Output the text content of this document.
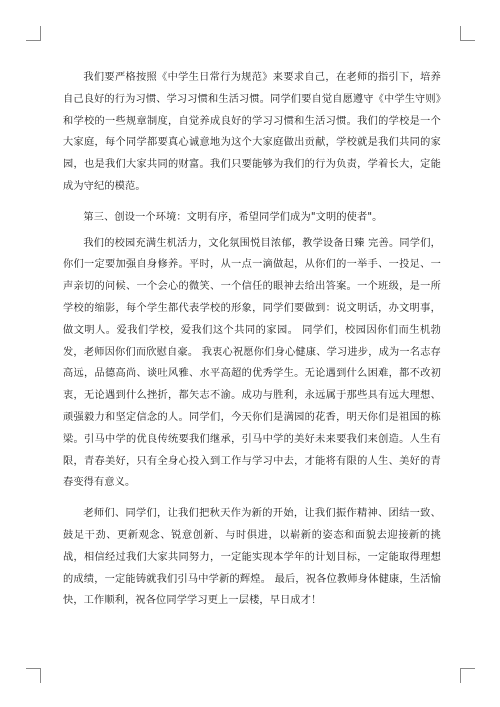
我们要严格按照《中学生日常行为规范》来要求自己，在老师的指引下，培养自己良好的行为习惯、学习习惯和生活习惯。同学们要自觉自愿遵守《中学生守则》和学校的一些规章制度，自觉养成良好的学习习惯和生活习惯。我们的学校是一个大家庭，每个同学都要真心诚意地为这个大家庭做出贡献，学校就是我们共同的家园，也是我们大家共同的财富。我们只要能够为我们的行为负责，学着长大，定能成为守纪的模范。

第三、创设一个环境：文明有序，希望同学们成为"文明的使者"。

我们的校园充满生机活力，文化氛围悦目浓郁，教学设备日臻 完善。同学们，你们一定要加强自身修养。平时，从一点一滴做起，从你们的一举手、一投足、一声亲切的问候、一个会心的微笑、一个信任的眼神去给出答案。一个班级，是一所学校的缩影，每个学生都代表学校的形象，同学们要做到：说文明话，办文明事，做文明人。爱我们学校，爱我们这个共同的家园。 同学们，校园因你们而生机勃发，老师因你们而欣慰自豪。 我衷心祝愿你们身心健康、学习进步，成为一名志存高远，品德高尚、谈吐风雅、水平高超的优秀学生。无论遇到什么困难，都不改初衷，无论遇到什么挫折，都矢志不渝。成功与胜利，永远属于那些具有远大理想、顽强毅力和坚定信念的人。同学们，今天你们是满园的花香，明天你们是祖国的栋梁。引马中学的优良传统要我们继承，引马中学的美好未来要我们来创造。人生有限，青春美好，只有全身心投入到工作与学习中去，才能将有限的人生、美好的青春变得有意义。

老师们、同学们，让我们把秋天作为新的开始，让我们振作精神、团结一致、鼓足干劲、更新观念、锐意创新、与时俱进，以崭新的姿态和面貌去迎接新的挑战，相信经过我们大家共同努力，一定能实现本学年的计划目标，一定能取得理想的成绩，一定能铸就我们引马中学新的辉煌。 最后，祝各位教师身体健康，生活愉快，工作顺利，祝各位同学学习更上一层楼，早日成才！
